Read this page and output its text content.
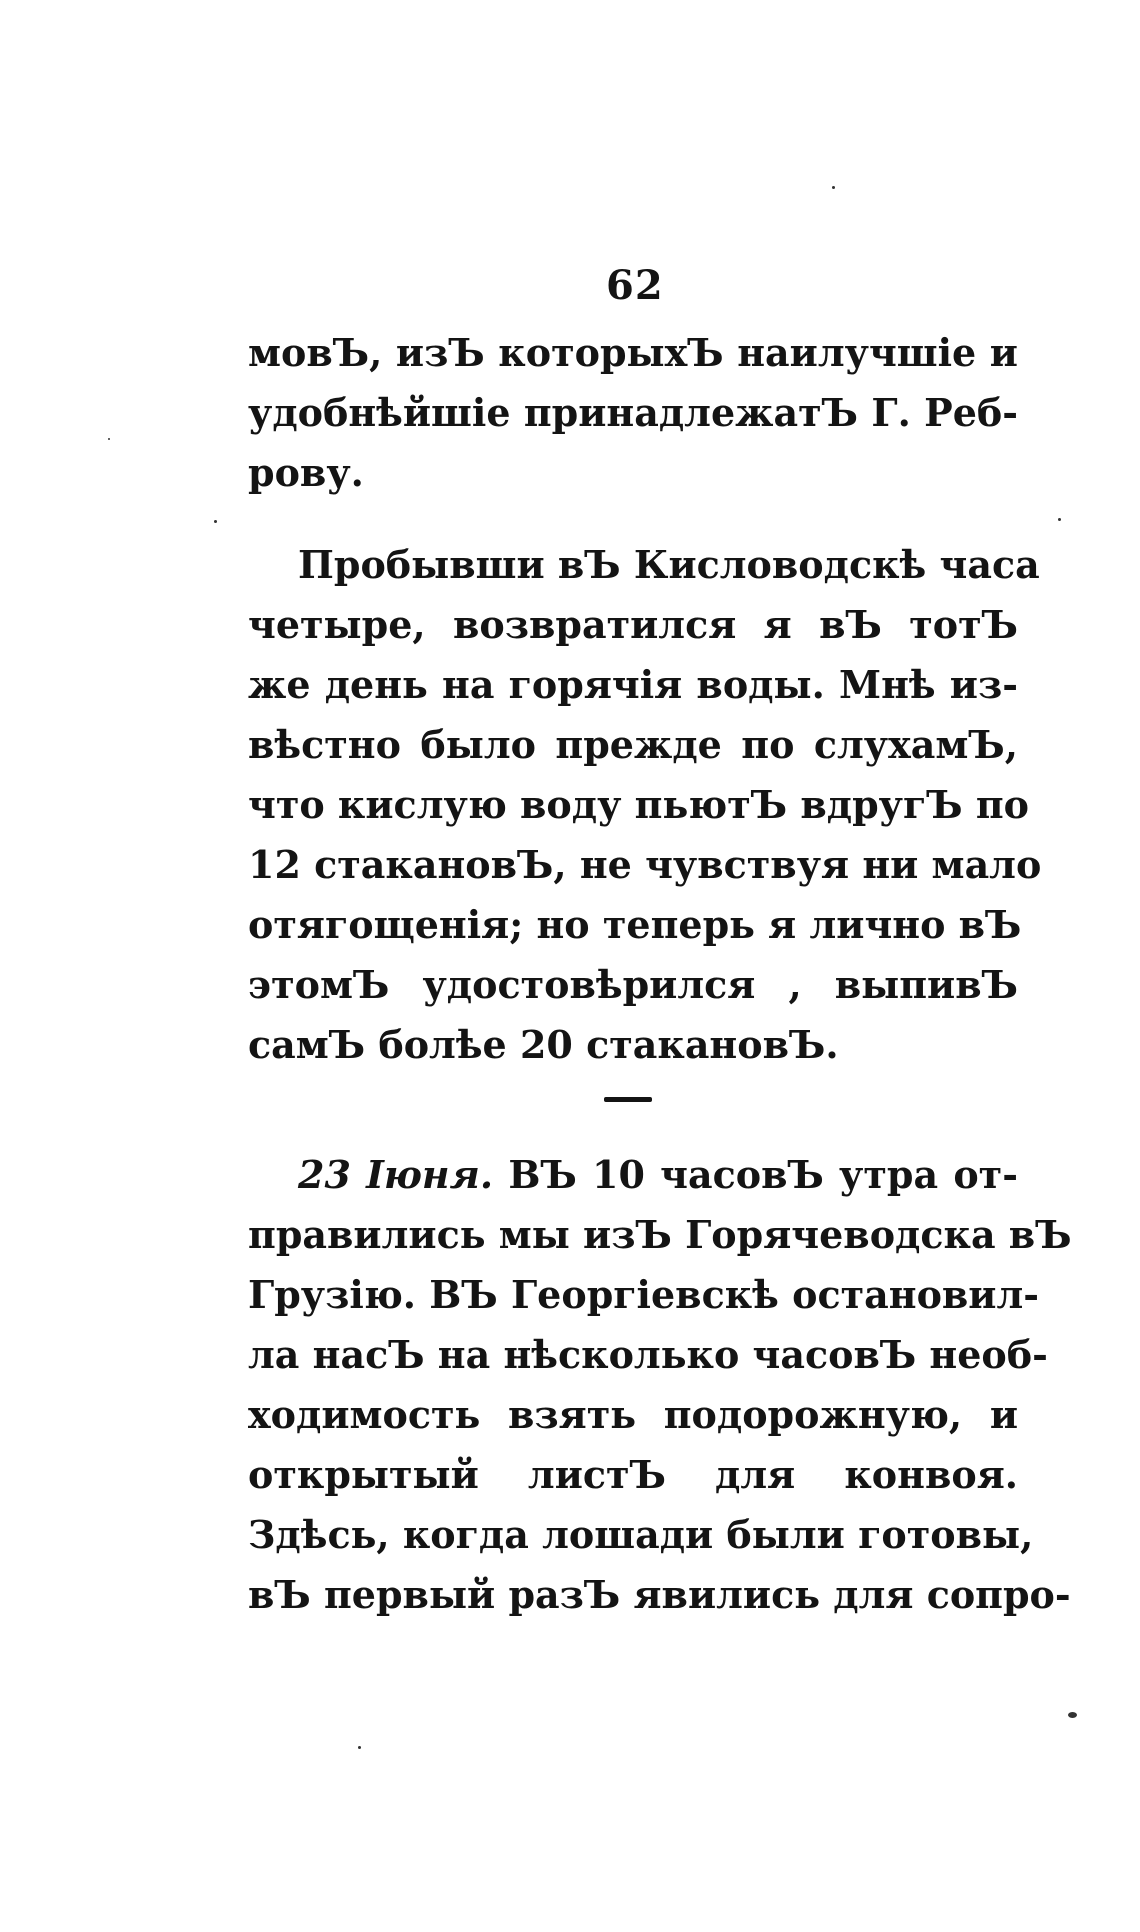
62
мовЪ, изЪ которыхЪ наилучшіе и
удобнѣйшіе принадлежатЪ Г. Реб-
рову.
Пробывши вЪ Кисловодскѣ часа
четыре, возвратился я вЪ тотЪ
же день на горячія воды. Мнѣ из-
вѣстно было прежде по слухамЪ,
что кислую воду пьютЪ вдругЪ по
12 стакановЪ, не чувствуя ни мало
отягощенія; но теперь я лично вЪ
этомЪ удостовѣрился , выпивЪ
самЪ болѣе 20 стакановЪ.
23 Іюня. ВЪ 10 часовЪ утра от-
правились мы изЪ Горячеводска вЪ
Грузію. ВЪ Георгіевскѣ остановил-
ла насЪ на нѣсколько часовЪ необ-
ходимость взять подорожную, и
открытый листЪ для конвоя.
Здѣсь, когда лошади были готовы,
вЪ первый разЪ явились для сопро-
